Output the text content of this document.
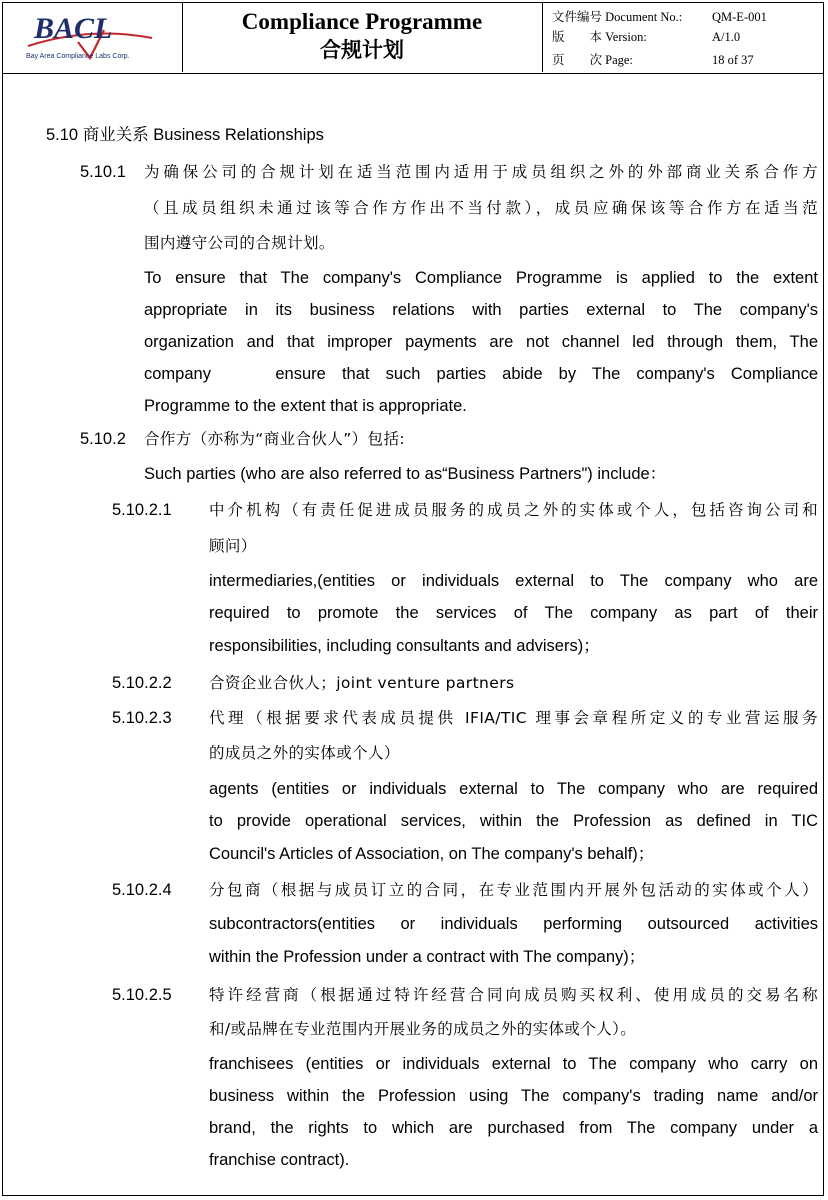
BACL
Bay Area Compliance Labs Corp.
Compliance Programme
合规计划
文件编号 Document No.: QM-E-001
版　　本 Version:	A/1.0
页　　次 Page:	18 of 37
5.10 商业关系 Business Relationships
5.10.1 为确保公司的合规计划在适当范围内适用于成员组织之外的外部商业关系合作方
（且成员组织未通过该等合作方作出不当付款），成员应确保该等合作方在适当范
围内遵守公司的合规计划。
To ensure that The company's Compliance Programme is applied to the extent
appropriate in its business relations with parties external to The company's
organization and that improper payments are not channel led through them, The
company    ensure that such parties abide by The company's Compliance
Programme to the extent that is appropriate.
5.10.2 合作方（亦称为“商业合伙人”）包括:
Such parties (who are also referred to as“Business Partners") include：
5.10.2.1 中介机构（有责任促进成员服务的成员之外的实体或个人，包括咨询公司和
顾问）
intermediaries,(entities or individuals external to The company who are
required to promote the services of The company as part of their
responsibilities, including consultants and advisers)；
5.10.2.2 合资企业合伙人；joint venture partners
5.10.2.3 代理（根据要求代表成员提供 IFIA/TIC 理事会章程所定义的专业营运服务
的成员之外的实体或个人）
agents (entities or individuals external to The company who are required
to provide operational services, within the Profession as defined in TIC
Council's Articles of Association, on The company's behalf)；
5.10.2.4 分包商（根据与成员订立的合同，在专业范围内开展外包活动的实体或个人）
subcontractors(entities or individuals performing outsourced activities
within the Profession under a contract with The company)；
5.10.2.5 特许经营商（根据通过特许经营合同向成员购买权利、使用成员的交易名称
和/或品牌在专业范围内开展业务的成员之外的实体或个人）。
franchisees (entities or individuals external to The company who carry on
business within the Profession using The company's trading name and/or
brand, the rights to which are purchased from The company under a
franchise contract).
